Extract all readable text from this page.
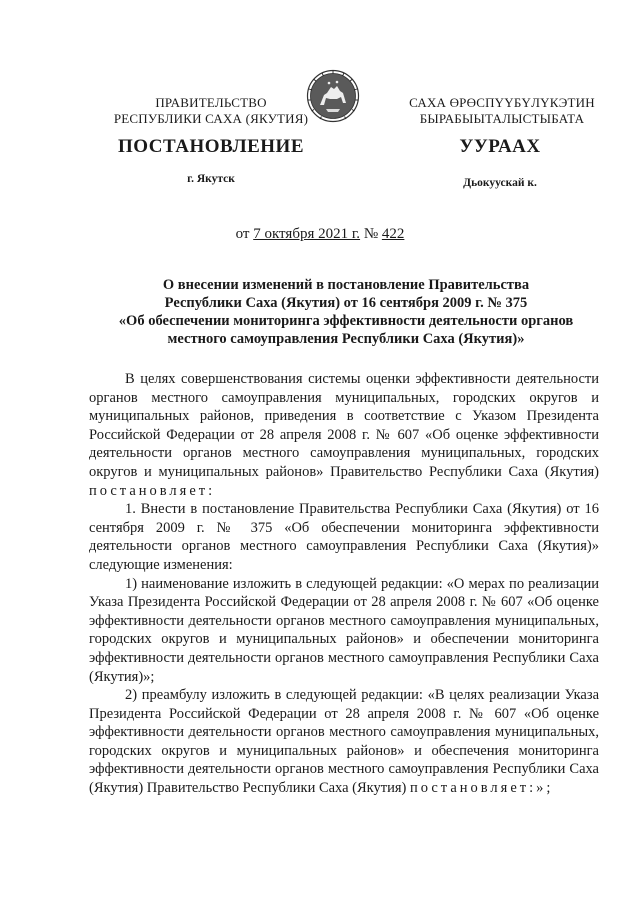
ПРАВИТЕЛЬСТВО
РЕСПУБЛИКИ САХА (ЯКУТИЯ)
САХА ӨРӨСПҮҮБҮЛҮКЭТИН
БЫРАБЫЫТАЛЫСТЫБАТА
ПОСТАНОВЛЕНИЕ	УУРААХ
г. Якутск	Дьокуускай к.
от 7 октября 2021 г. № 422
О внесении изменений в постановление Правительства
Республики Саха (Якутия) от 16 сентября 2009 г. № 375
«Об обеспечении мониторинга эффективности деятельности органов
местного самоуправления Республики Саха (Якутия)»

В целях совершенствования системы оценки эффективности деятельности органов местного самоуправления муниципальных, городских округов и муниципальных районов, приведения в соответствие с Указом Президента Российской Федерации от 28 апреля 2008 г. № 607 «Об оценке эффективности деятельности органов местного самоуправления муниципальных, городских округов и муниципальных районов» Правительство Республики Саха (Якутия) постановляет:

1. Внести в постановление Правительства Республики Саха (Якутия) от 16 сентября 2009 г. № 375 «Об обеспечении мониторинга эффективности деятельности органов местного самоуправления Республики Саха (Якутия)» следующие изменения:

1) наименование изложить в следующей редакции: «О мерах по реализации Указа Президента Российской Федерации от 28 апреля 2008 г. № 607 «Об оценке эффективности деятельности органов местного самоуправления муниципальных, городских округов и муниципальных районов» и обеспечении мониторинга эффективности деятельности органов местного самоуправления Республики Саха (Якутия)»;

2) преамбулу изложить в следующей редакции: «В целях реализации Указа Президента Российской Федерации от 28 апреля 2008 г. № 607 «Об оценке эффективности деятельности органов местного самоуправления муниципальных, городских округов и муниципальных районов» и обеспечения мониторинга эффективности деятельности органов местного самоуправления Республики Саха (Якутия) Правительство Республики Саха (Якутия) постановляет:»;
